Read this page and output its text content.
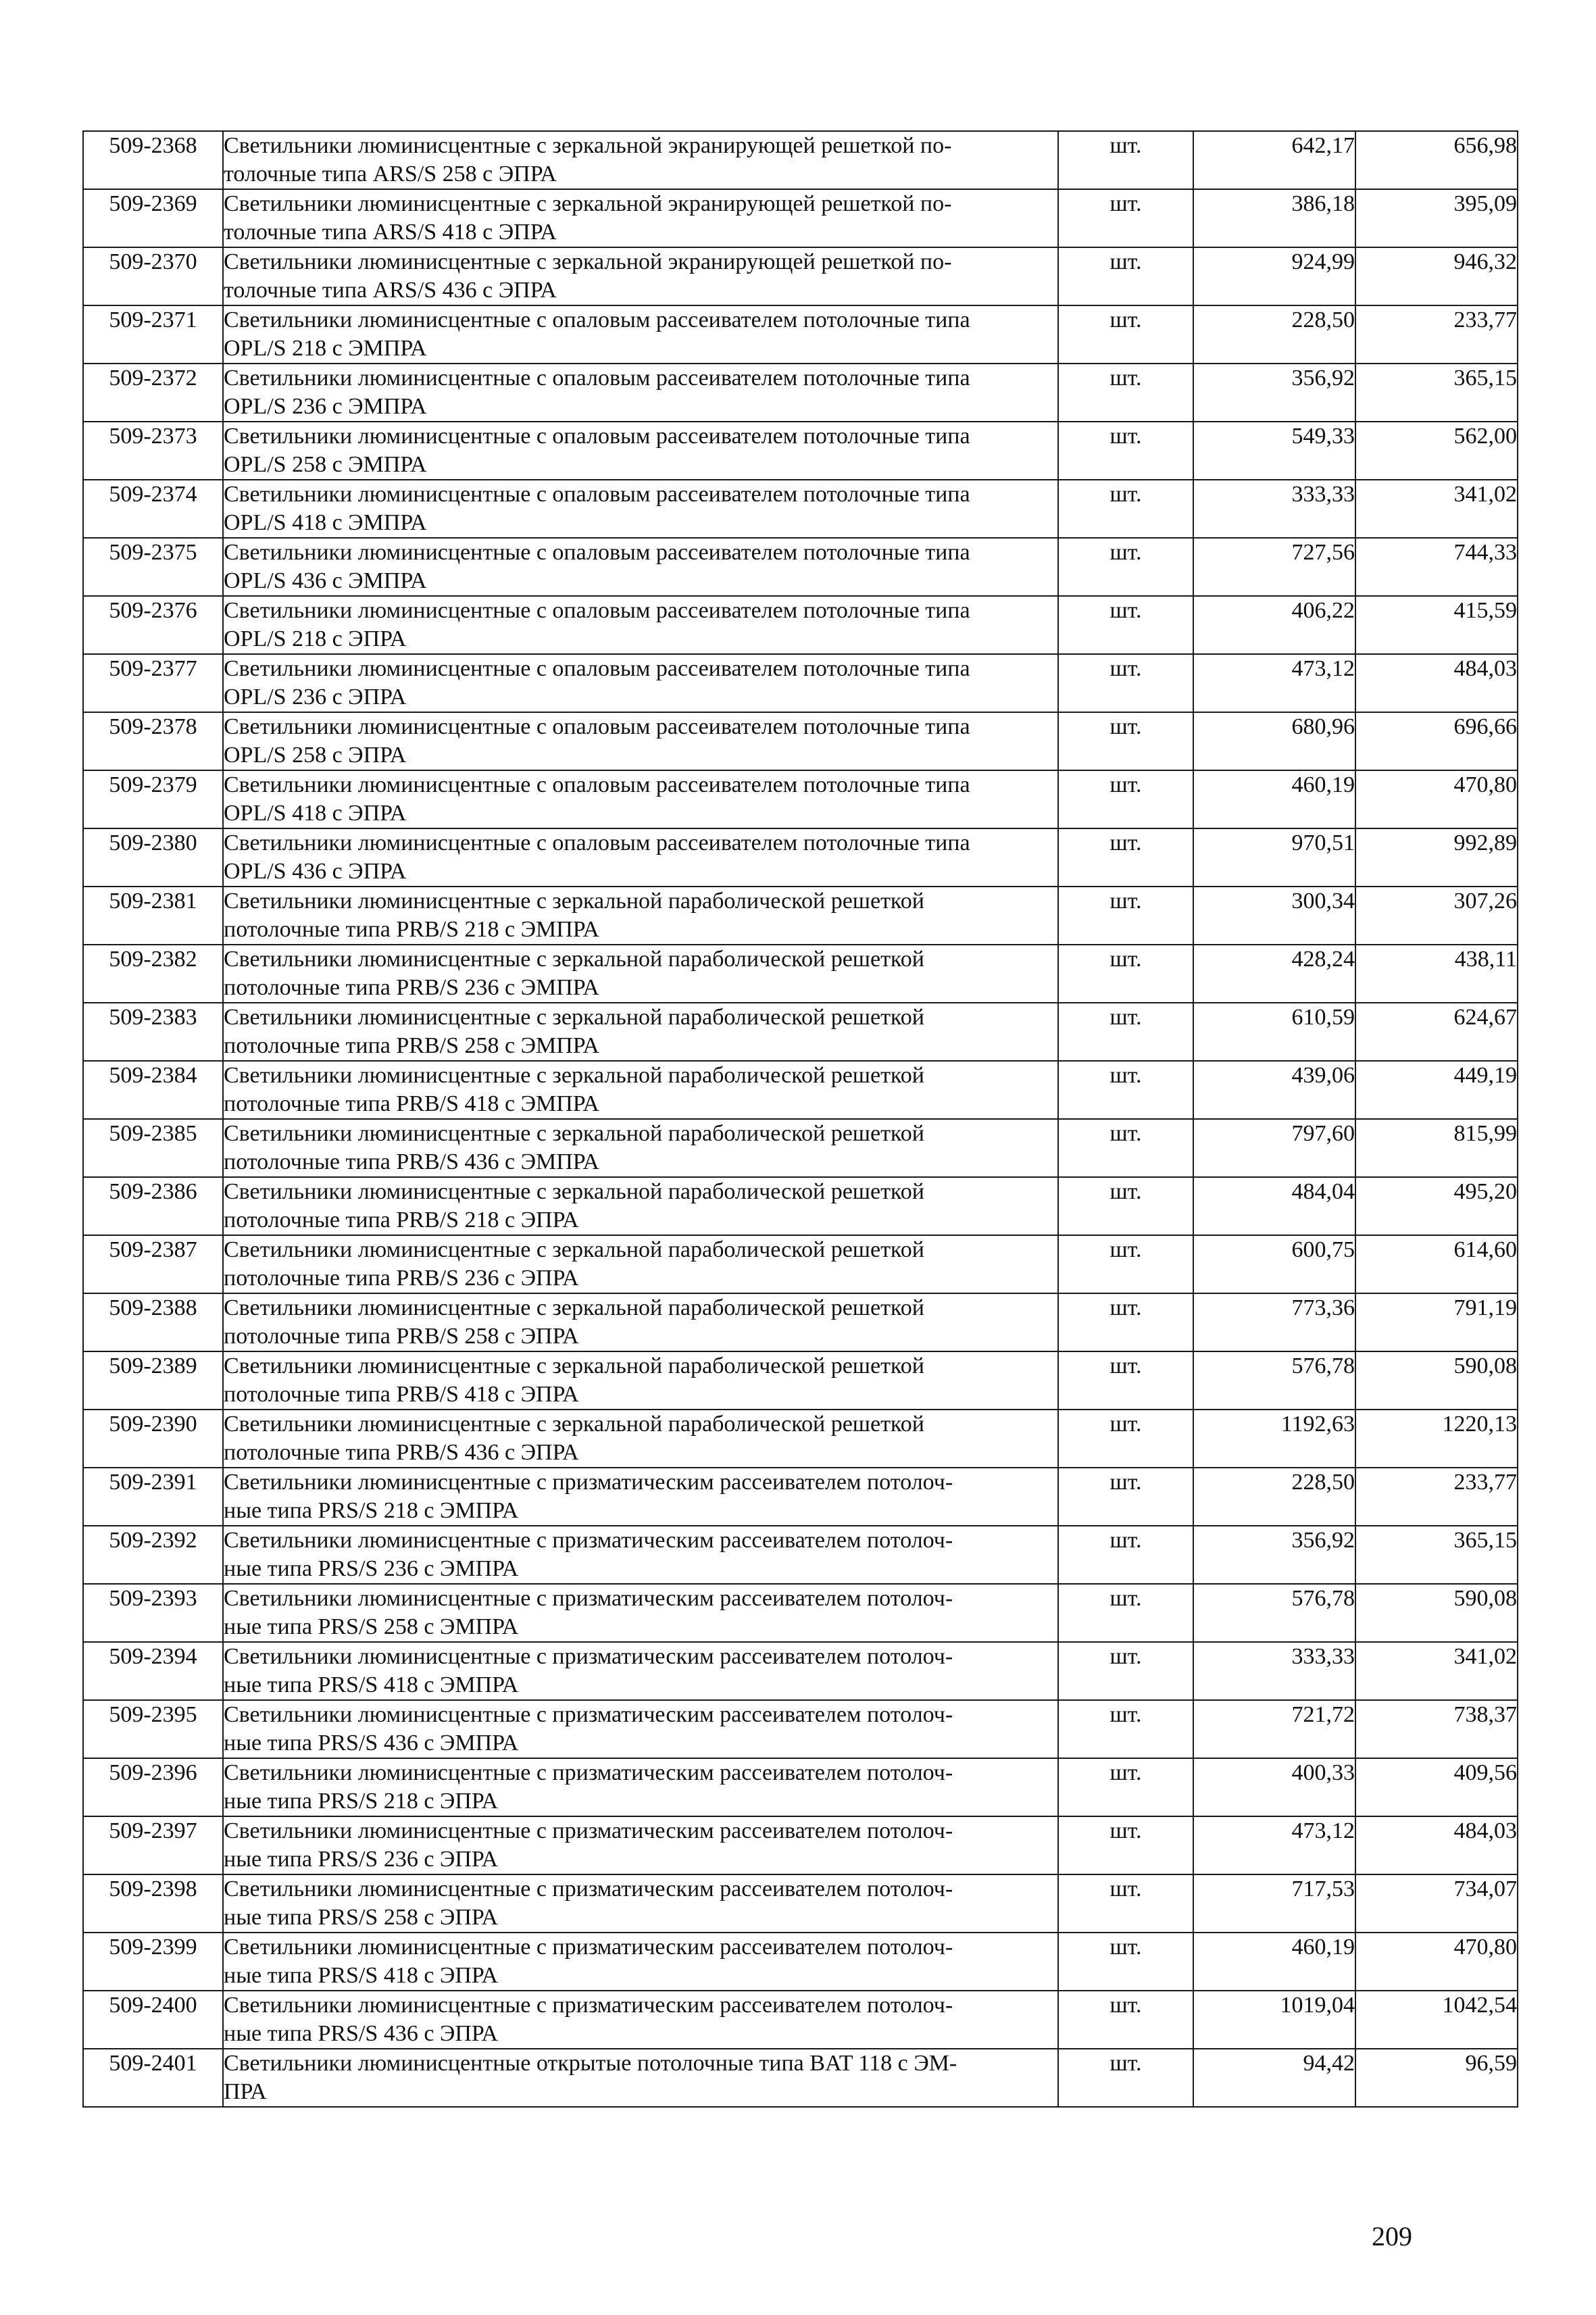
509-2368	Светильники люминисцентные с зеркальной экранирующей решеткой по-
толочные типа ARS/S 258 с ЭПРА	шт.	642,17	656,98
509-2369	Светильники люминисцентные с зеркальной экранирующей решеткой по-
толочные типа ARS/S 418 с ЭПРА	шт.	386,18	395,09
509-2370	Светильники люминисцентные с зеркальной экранирующей решеткой по-
толочные типа ARS/S 436 с ЭПРА	шт.	924,99	946,32
509-2371	Светильники люминисцентные с опаловым рассеивателем потолочные типа
OPL/S 218 с ЭМПРА	шт.	228,50	233,77
509-2372	Светильники люминисцентные с опаловым рассеивателем потолочные типа
OPL/S 236 с ЭМПРА	шт.	356,92	365,15
509-2373	Светильники люминисцентные с опаловым рассеивателем потолочные типа
OPL/S 258 с ЭМПРА	шт.	549,33	562,00
509-2374	Светильники люминисцентные с опаловым рассеивателем потолочные типа
OPL/S 418 с ЭМПРА	шт.	333,33	341,02
509-2375	Светильники люминисцентные с опаловым рассеивателем потолочные типа
OPL/S 436 с ЭМПРА	шт.	727,56	744,33
509-2376	Светильники люминисцентные с опаловым рассеивателем потолочные типа
OPL/S 218 с ЭПРА	шт.	406,22	415,59
509-2377	Светильники люминисцентные с опаловым рассеивателем потолочные типа
OPL/S 236 с ЭПРА	шт.	473,12	484,03
509-2378	Светильники люминисцентные с опаловым рассеивателем потолочные типа
OPL/S 258 с ЭПРА	шт.	680,96	696,66
509-2379	Светильники люминисцентные с опаловым рассеивателем потолочные типа
OPL/S 418 с ЭПРА	шт.	460,19	470,80
509-2380	Светильники люминисцентные с опаловым рассеивателем потолочные типа
OPL/S 436 с ЭПРА	шт.	970,51	992,89
509-2381	Светильники люминисцентные с зеркальной параболической решеткой
потолочные типа PRB/S 218 с ЭМПРА	шт.	300,34	307,26
509-2382	Светильники люминисцентные с зеркальной параболической решеткой
потолочные типа PRB/S 236 с ЭМПРА	шт.	428,24	438,11
509-2383	Светильники люминисцентные с зеркальной параболической решеткой
потолочные типа PRB/S 258 с ЭМПРА	шт.	610,59	624,67
509-2384	Светильники люминисцентные с зеркальной параболической решеткой
потолочные типа PRB/S 418 с ЭМПРА	шт.	439,06	449,19
509-2385	Светильники люминисцентные с зеркальной параболической решеткой
потолочные типа PRB/S 436 с ЭМПРА	шт.	797,60	815,99
509-2386	Светильники люминисцентные с зеркальной параболической решеткой
потолочные типа PRB/S 218 с ЭПРА	шт.	484,04	495,20
509-2387	Светильники люминисцентные с зеркальной параболической решеткой
потолочные типа PRB/S 236 с ЭПРА	шт.	600,75	614,60
509-2388	Светильники люминисцентные с зеркальной параболической решеткой
потолочные типа PRB/S 258 с ЭПРА	шт.	773,36	791,19
509-2389	Светильники люминисцентные с зеркальной параболической решеткой
потолочные типа PRB/S 418 с ЭПРА	шт.	576,78	590,08
509-2390	Светильники люминисцентные с зеркальной параболической решеткой
потолочные типа PRB/S 436 с ЭПРА	шт.	1192,63	1220,13
509-2391	Светильники люминисцентные с призматическим рассеивателем потолоч-
ные типа PRS/S 218 с ЭМПРА	шт.	228,50	233,77
509-2392	Светильники люминисцентные с призматическим рассеивателем потолоч-
ные типа PRS/S 236 с ЭМПРА	шт.	356,92	365,15
509-2393	Светильники люминисцентные с призматическим рассеивателем потолоч-
ные типа PRS/S 258 с ЭМПРА	шт.	576,78	590,08
509-2394	Светильники люминисцентные с призматическим рассеивателем потолоч-
ные типа PRS/S 418 с ЭМПРА	шт.	333,33	341,02
509-2395	Светильники люминисцентные с призматическим рассеивателем потолоч-
ные типа PRS/S 436 с ЭМПРА	шт.	721,72	738,37
509-2396	Светильники люминисцентные с призматическим рассеивателем потолоч-
ные типа PRS/S 218 с ЭПРА	шт.	400,33	409,56
509-2397	Светильники люминисцентные с призматическим рассеивателем потолоч-
ные типа PRS/S 236 с ЭПРА	шт.	473,12	484,03
509-2398	Светильники люминисцентные с призматическим рассеивателем потолоч-
ные типа PRS/S 258 с ЭПРА	шт.	717,53	734,07
509-2399	Светильники люминисцентные с призматическим рассеивателем потолоч-
ные типа PRS/S 418 с ЭПРА	шт.	460,19	470,80
509-2400	Светильники люминисцентные с призматическим рассеивателем потолоч-
ные типа PRS/S 436 с ЭПРА	шт.	1019,04	1042,54
509-2401	Светильники люминисцентные открытые потолочные типа BAT 118 с ЭМ-
ПРА	шт.	94,42	96,59
209
